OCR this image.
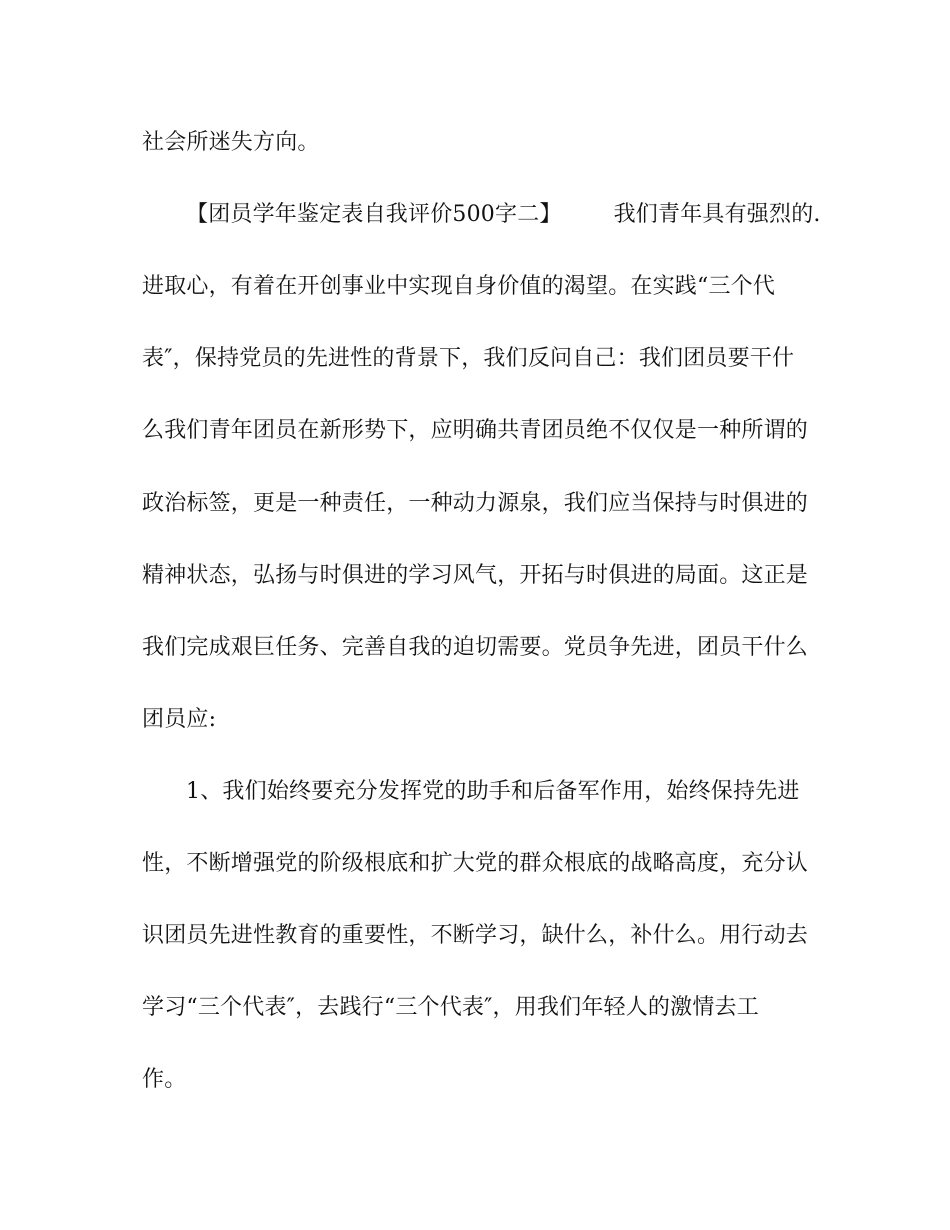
社会所迷失方向。
【团员学年鉴定表自我评价500字二】 我们青年具有强烈的.
进取心，有着在开创事业中实现自身价值的渴望。在实践“三个代
表″，保持党员的先进性的背景下，我们反问自己：我们团员要干什
么我们青年团员在新形势下，应明确共青团员绝不仅仅是一种所谓的
政治标签，更是一种责任，一种动力源泉，我们应当保持与时俱进的
精神状态，弘扬与时俱进的学习风气，开拓与时俱进的局面。这正是
我们完成艰巨任务、完善自我的迫切需要。党员争先进，团员干什么
团员应:
1、我们始终要充分发挥党的助手和后备军作用，始终保持先进
性，不断增强党的阶级根底和扩大党的群众根底的战略高度，充分认
识团员先进性教育的重要性，不断学习，缺什么，补什么。用行动去
学习“三个代表″，去践行“三个代表″，用我们年轻人的激情去工
作。
